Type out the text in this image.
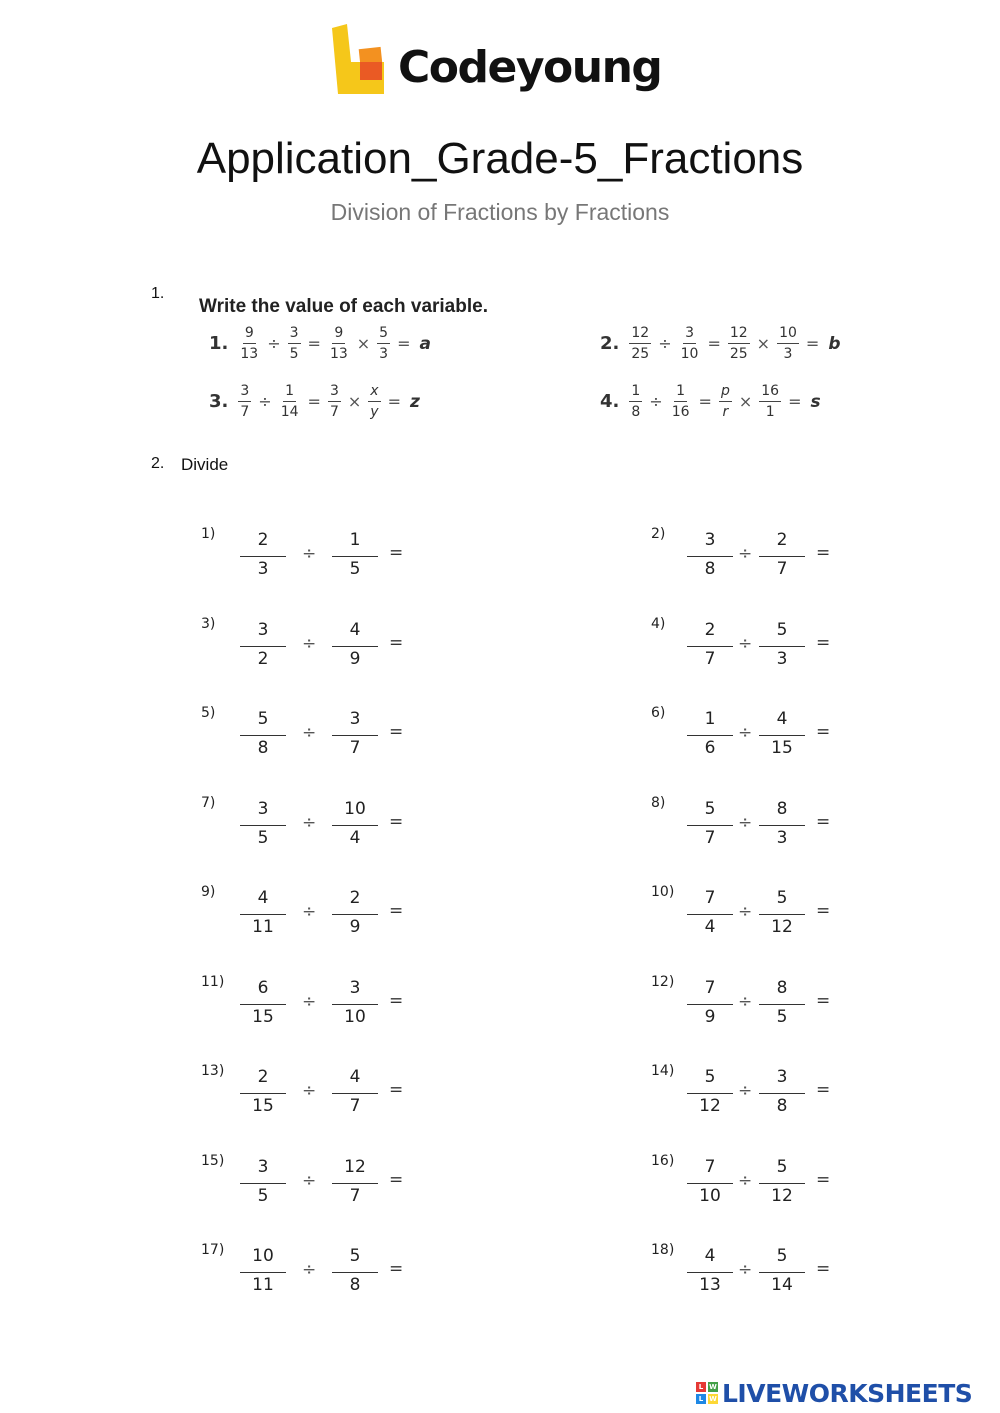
Codeyoung
Application_Grade-5_Fractions
Division of Fractions by Fractions
1.
Write the value of each variable.
1. $\frac{9}{13} \div \frac{3}{5} = \frac{9}{13} \times \frac{5}{3} = a$	2. $\frac{12}{25} \div \frac{3}{10} = \frac{12}{25} \times \frac{10}{3} = b$
3. $\frac{3}{7} \div \frac{1}{14} = \frac{3}{7} \times \frac{x}{y} = z$	4. $\frac{1}{8} \div \frac{1}{16} = \frac{p}{r} \times \frac{16}{1} = s$
2. Divide
1)	2
3
÷
1
5
=
2)	3
8
÷
2
7
=
3)	3
2
÷
4
9
=
4)	2
7
÷
5
3
=
5)	5
8
÷
3
7
=
6)	1
6
÷
4
15
=
7)	3
5
÷
10
4
=
8)	5
7
÷
8
3
=
9)	4
11
÷
2
9
=
10)	7
4
÷
5
12
=
11)	6
15
÷
3
10
=
12)	7
9
÷
8
5
=
13)	2
15
÷
4
7
=
14)	5
12
÷
3
8
=
15)	3
5
÷
12
7
=
16)	7
10
÷
5
12
=
17)	10
11
÷
5
8
=
18)	4
13
÷
5
14
=
L W
L W LIVEWORKSHEETS
